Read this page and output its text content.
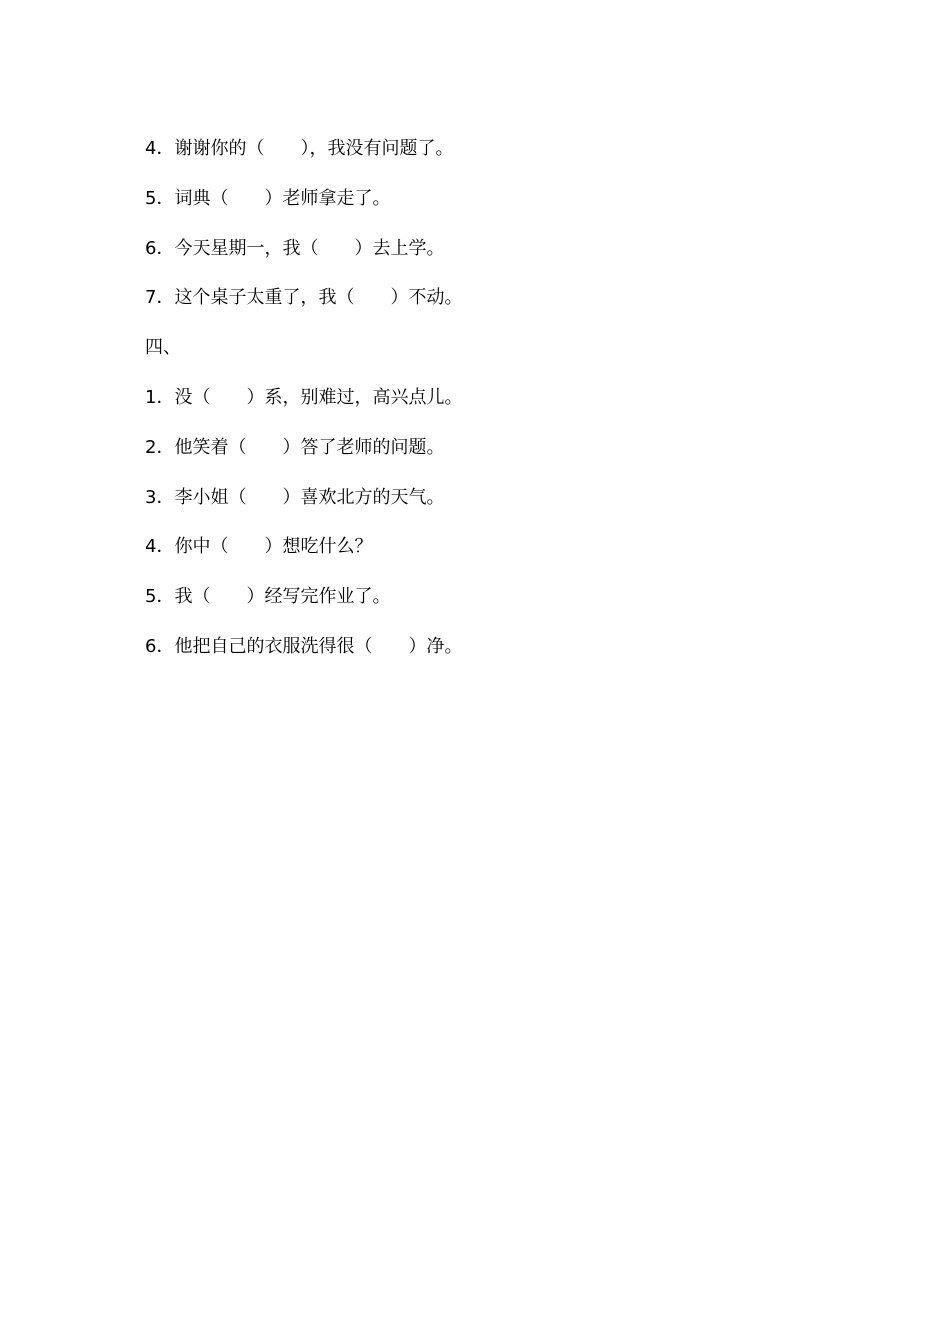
4．谢谢你的（　　），我没有问题了。
5．词典（　　）老师拿走了。
6．今天星期一，我（　　）去上学。
7．这个桌子太重了，我（　　）不动。
四、
1．没（　　）系，别难过，高兴点儿。
2．他笑着（　　）答了老师的问题。
3．李小姐（　　）喜欢北方的天气。
4．你中（　　）想吃什么？
5．我（　　）经写完作业了。
6．他把自己的衣服洗得很（　　）净。
